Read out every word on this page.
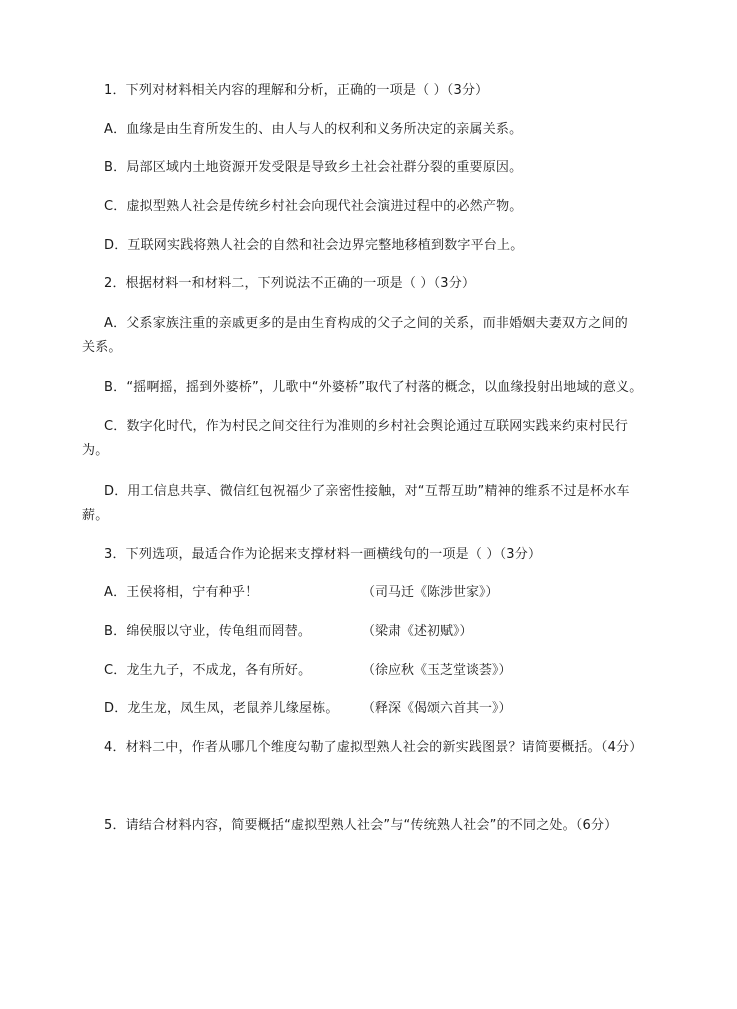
1．下列对材料相关内容的理解和分析，正确的一项是（ ）（3分）
A．血缘是由生育所发生的、由人与人的权利和义务所决定的亲属关系。
B．局部区域内土地资源开发受限是导致乡土社会社群分裂的重要原因。
C．虚拟型熟人社会是传统乡村社会向现代社会演进过程中的必然产物。
D．互联网实践将熟人社会的自然和社会边界完整地移植到数字平台上。
2．根据材料一和材料二，下列说法不正确的一项是（ ）（3分）
A．父系家族注重的亲戚更多的是由生育构成的父子之间的关系，而非婚姻夫妻双方之间的
关系。
B．“摇啊摇，摇到外婆桥”，儿歌中“外婆桥”取代了村落的概念，以血缘投射出地域的意义。
C．数字化时代，作为村民之间交往行为准则的乡村社会舆论通过互联网实践来约束村民行
为。
D．用工信息共享、微信红包祝福少了亲密性接触，对“互帮互助”精神的维系不过是杯水车
薪。
3．下列选项，最适合作为论据来支撑材料一画横线句的一项是（ ）（3分）
A．王侯将相，宁有种乎！	（司马迁《陈涉世家》）
B．绵侯服以守业，传龟组而罔替。	（梁肃《述初赋》）
C．龙生九子，不成龙，各有所好。	（徐应秋《玉芝堂谈荟》）
D．龙生龙，凤生凤，老鼠养儿缘屋栋。	（释深《偈颂六首其一》）
4．材料二中，作者从哪几个维度勾勒了虚拟型熟人社会的新实践图景？请简要概括。（4分）
5．请结合材料内容，简要概括“虚拟型熟人社会”与“传统熟人社会”的不同之处。（6分）
